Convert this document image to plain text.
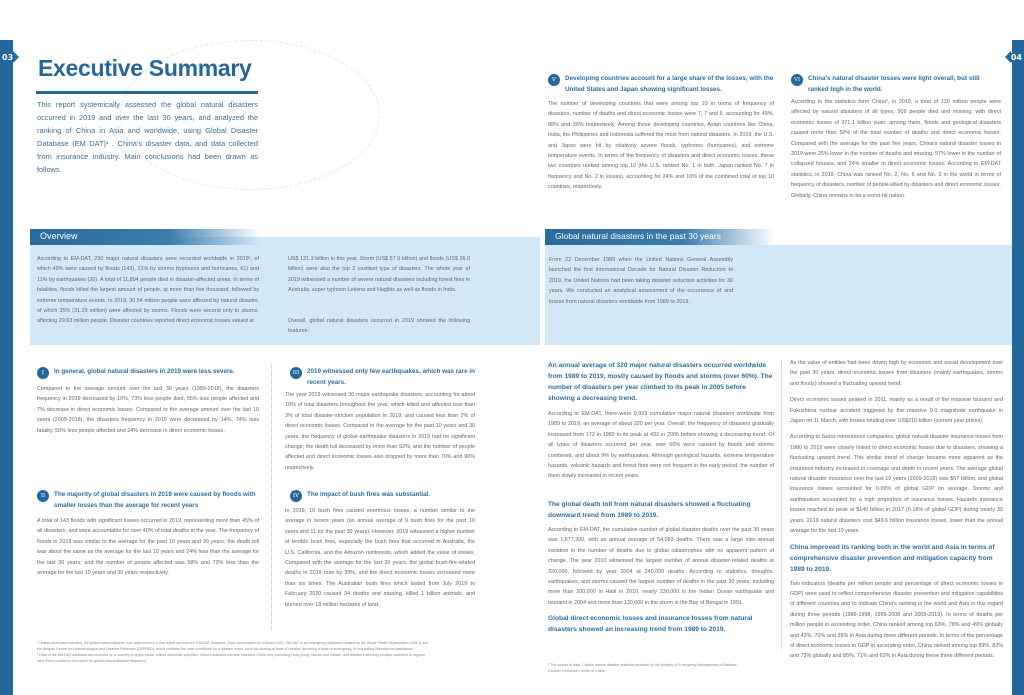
03	04
Executive Summary

This report systemically assessed the global natural disasters occurred in 2019 and over the last 30 years, and analyzed the ranking of China in Asia and worldwide, using Global Disaster Database (EM DAT)¹ . China's disaster data, and data collected from insurance industry. Main conclusions had been drawn as follows.

V	Developing countries account for a large share of the losses, with the United States and Japan showing significant losses.

The number of developing countries that were among top 10 in terms of frequency of disasters, number of deaths and direct economic losses were 7, 7 and 6, accounting for 49%, 88% and 36% respectively. Among those developing countries, Asian countries like China, India, the Philippines and Indonesia suffered the most from natural disasters. In 2019, the U.S. and Japan were hit by relatively severe floods, typhoons (hurricanes), and extreme temperature events. In terms of the frequency of disasters and direct economic losses, these two countries ranked among top 10 (the U.S. ranked No. 1 in both, Japan ranked No. 7 in frequency and No. 2 in losses), accounting for 24% and 10% of the combined total of top 10 countries, respectively.

VI	China's natural disaster losses were light overall, but still ranked high in the world.

According to the statistics form China², in 2019, a total of 130 million people were affected by natural disasters of all types, 909 people died and missing, with direct economic losses of 371.1 billion yuan; among them, floods and geological disasters caused more than 50% of the total number of deaths and direct economic losses. Compared with the average for the past five years, China's natural disaster losses in 2019 were 25% lower in the number of deaths and missing, 57% lower in the number of collapsed houses, and 24% smaller in direct economic losses. According to EM-DAT statistics, in 2019, China was ranked No. 2, No. 6 and No. 3 in the world in terms of frequency of disasters, number of people killed by disasters and direct economic losses. Globally, China remains to be a worst-hit nation.

Overview

According to EM-DAT, 290 major natural disasters were recorded worldwide in 2019¹, of which 49% were caused by floods (143), 21% by storms (typhoons and hurricanes, 61) and 11% by earthquakes (30). A total of 11,804 people died in disaster-affected areas. In terms of fatalities, floods killed the largest amount of people, at more than five thousand, followed by extreme temperature events. In 2019, 30.54 million people were affected by natural disaster, of which 35% (31.29 million) were affected by storms. Floods were second only to storms, affecting 29.63 million people. Disaster countries reported direct economic losses valued at

US$ 121.3 billion in this year. Storm (US$ 57.9 billion) and floods (US$ 36.0 billion) were also the top 2 costliest type of disasters. The whole year of 2019 witnessed a number of severe natural disasters including forest fires in Australia, super typhoon Lekima and Hagibis as well as floods in India.

Overall, global natural disasters occurred in 2019 showed the following features:

Global natural disasters in the past 30 years

From 22 December 1989 when the United Nations General Assembly launched the first International Decade for Natural Disaster Reduction to 2019, the United Nations had been taking disaster reduction activities for 30 years. We conducted an analytical assessment of the occurrence of and losses from natural disasters worldwide from 1989 to 2019.

I	In general, global natural disasters in 2019 were less severe.

Compared to the average amount over the last 30 years (1989-2018), the disasters frequency in 2019 decreased by 10%, 73% less people died, 55% less people affected and 7% decrease in direct economic losses. Compared to the average amount over the last 10 years (2009-2018), the disasters frequency in 2019 were decreased by 14%, 74% less fatality, 50% less people affected and 24% decrease in direct economic losses.

II	The majority of global disasters in 2019 were caused by floods with smaller losses than the average for recent years

A total of 143 floods with significant losses occurred in 2019, representing more than 45% of all disasters, and were accountable for over 40% of total deaths in the year. The frequency of floods in 2019 was similar to the average for the past 10 years and 30 years; the death toll was about the same as the average for the last 10 years and 24% less than the average for the last 30 years; and the number of people affected was 58% and 73% less than the average for the last 10 years and 30 years respectively.

III	2019 witnessed only few earthquakes, which was rare in recent years.

The year 2019 witnessed 30 major earthquake disasters, accounting for about 10% of total disasters throughout the year, which killed and affected less than 3% of total disaster-stricken population in 2019; and caused less than 2% of direct economic losses. Compared to the average for the past 10 years and 30 years, the frequency of global earthquake disasters in 2019 had no significant change; the death toll decreased by more than 92%; and the number of people affected and direct economic losses also dropped by more than 70% and 90% respectively.

IV	The impact of bush fires was substantial.

In 2019, 10 bush fires caused enormous losses, a number similar to the average in recent years (an annual average of 9 bush fires for the past 10 years and 11 for the past 30 years). However, 2019 witnessed a higher number of terrible bush fires, especially the bush fires that occurred in Australia, the U.S. California, and the Amazon rainforests, which added the value of losses. Compared with the average for the last 30 years, the global bush-fire-related deaths in 2019 rose by 39%, and the direct economic losses increased more than six times. The Australian bush fires which lasted from July 2019 to February 2020 caused 34 deaths and missing, killed 1 billion animals, and burned over 18 million hectares of land.

An annual average of 320 major natural disasters occurred worldwide from 1989 to 2019, mostly caused by floods and storms (over 60%). The number of disasters per year climbed to its peak in 2005 before showing a decreasing trend.

According to EM-DAT, there were 9,923 cumulative major natural disasters worldwide from 1989 to 2019, an average of about 320 per year. Overall, the frequency of disasters gradually increased from 172 in 1989 to its peak at 432 in 2005 before showing a decreasing trend. Of all types of disasters occurred per year, over 60% were caused by floods and storms combined, and about 9% by earthquakes. Although geological hazards, extreme temperature hazards, volcanic hazards and forest fires were not frequent in the early period, the number of them slowly increased in recent years.

The global death toll from natural disasters showed a fluctuating downward trend from 1989 to 2019.

According to EM-DAT, the cumulative number of global disaster deaths over the past 30 years was 1,677,200, with an annual average of 54,083 deaths. There was a large inter-annual variation in the number of deaths due to global catastrophes with no apparent pattern of change. The year 2010 witnessed the largest number of annual disaster-related deaths at 320,000, followed by year 2004 at 240,000 deaths. According to statistics, droughts, earthquakes, and storms caused the largest number of deaths in the past 30 years, including more than 200,000 in Haiti in 2010, nearly 230,000 in the Indian Ocean earthquake and tsunami in 2004 and more than 130,000 in the storm in the Bay of Bengal in 1991.

Global direct economic losses and insurance losses from natural disasters showed an increasing trend from 1989 to 2019.

As the value of entities had been driven high by economic and social development over the past 30 years, direct economic losses from disasters (mainly earthquakes, storms and floods) showed a fluctuating upward trend.

Direct economic losses peaked in 2011, mainly as a result of the massive tsunami and Fukushima nuclear accident triggered by the massive 9.0 magnitude earthquake in Japan on 11 March, with losses totaling over US$210 billion (current year prices).

According to Swiss reinsurance companies, global natural disaster insurance losses from 1980 to 2019 were closely linked to direct economic losses due to disasters, showing a fluctuating upward trend. This similar trend of change became more apparent as the insurance industry increased in coverage and depth in recent years. The average global natural disaster insurance over the last 10 years (2009-2018) was $67 billion, and global insurance losses accounted for 0.09% of global GDP on average. Storms and earthquakes accounted for a high proportion of insurance losses. Hazards insurance losses reached its peak at $140 billion in 2017 (0.18% of global GDP) during nearly 30 years. 2019 natural disasters cost $49.6 billion insurance losses, lower than the annual average for the last 10 years.

China improved its ranking both in the world and Asia in terms of comprehensive disaster prevention and mitigation capacity from 1989 to 2019.

Two indicators (deaths per million people and percentage of direct economic losses in GDP) were used to reflect comprehensive disaster prevention and mitigation capabilities of different countries and to indicate China's ranking in the world and Asia in this regard during three periods (1989-1998, 1999-2008 and 2009-2019). In terms of deaths per million people in ascending order, China ranked among top 63%, 78% and 49% globally and 43%, 70% and 35% in Asia during three different periods. In terms of the percentage of direct economic losses in GDP in ascending order, China ranked among top 89%, 82% and 73% globally and 85%, 71% and 63% in Asia during these three different periods.

¹ Unless otherwise indicated, the global natural disaster loss data covered in this report are from the EM-DAT database. Data downloaded on 4 March 2020. EM-DAT is an emergency database created by the World Health Organization (WHO) and the Belgian Centre for Epidemiological and Disaster Research (CEPRED), which contains the main conditions for a disaster event, such as causing at least 10 deaths, declaring a state of emergency, or requesting international assistance.

² Data of the EM-DAT database are recorded on a country or region basis, unless otherwise specified, China's statistics exclude mainland China only, excluding Hong Kong, Macao and Taiwan, and disasters affecting multiple countries or regions have been counted in the report for global natural disaster frequency.

³ The source of data, China's natural disaster statistics provided by the Ministry of Emergency Management of National Disaster Reduction Centre of China.
